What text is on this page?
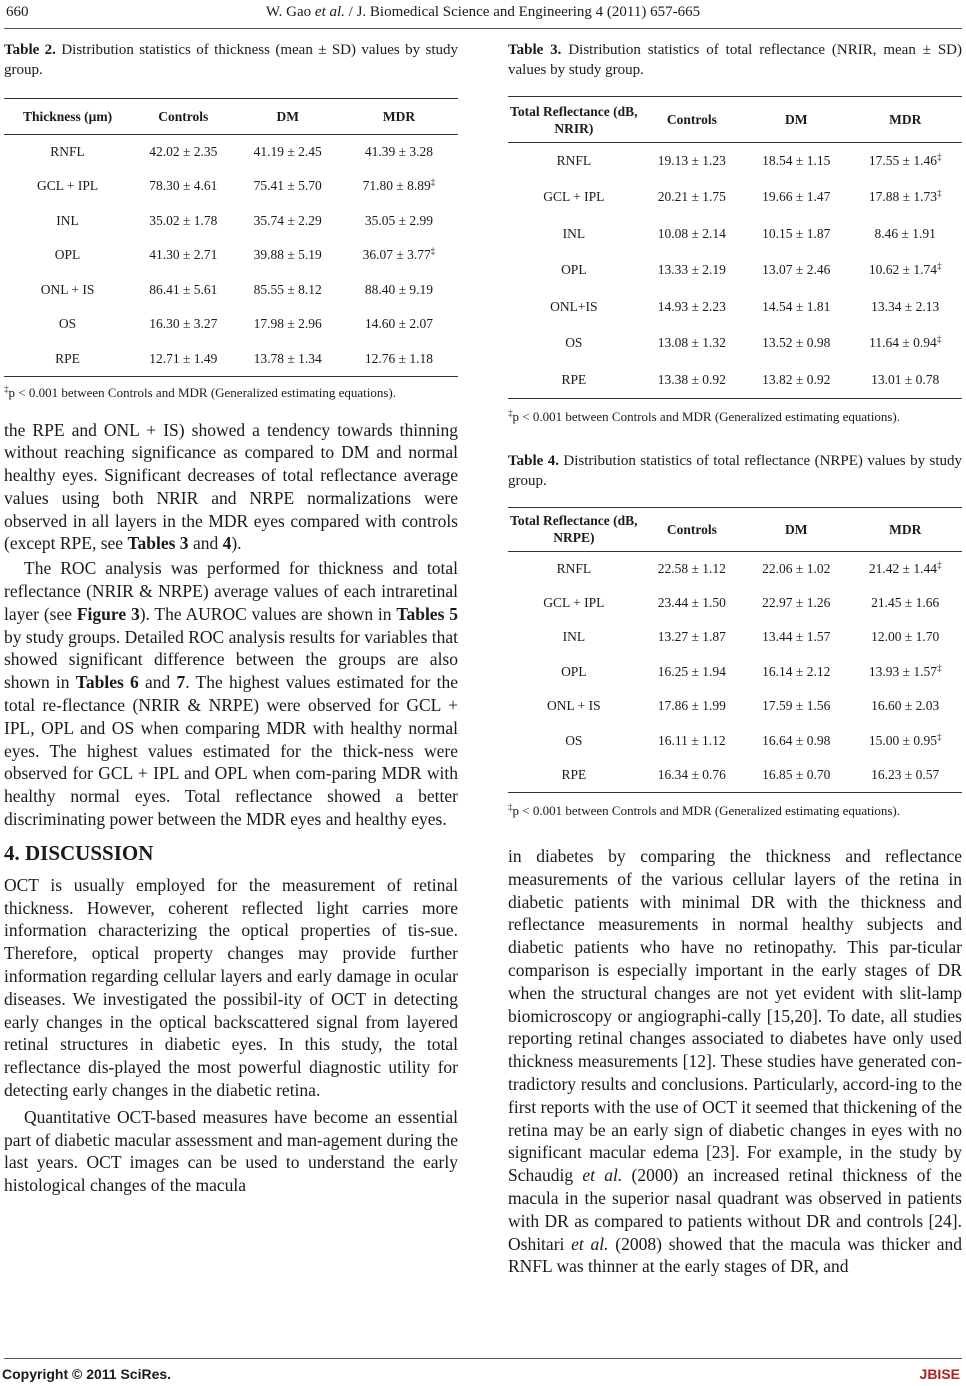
660	W. Gao et al. / J. Biomedical Science and Engineering 4 (2011) 657-665
Table 2. Distribution statistics of thickness (mean ± SD) values by study group.
Thickness (μm)	Controls	DM	MDR
RNFL	42.02 ± 2.35	41.19 ± 2.45	41.39 ± 3.28
GCL + IPL	78.30 ± 4.61	75.41 ± 5.70	71.80 ± 8.89‡
INL	35.02 ± 1.78	35.74 ± 2.29	35.05 ± 2.99
OPL	41.30 ± 2.71	39.88 ± 5.19	36.07 ± 3.77‡
ONL + IS	86.41 ± 5.61	85.55 ± 8.12	88.40 ± 9.19
OS	16.30 ± 3.27	17.98 ± 2.96	14.60 ± 2.07
RPE	12.71 ± 1.49	13.78 ± 1.34	12.76 ± 1.18
‡p < 0.001 between Controls and MDR (Generalized estimating equations).

the RPE and ONL + IS) showed a tendency towards thinning without reaching significance as compared to DM and normal healthy eyes. Significant decreases of total reflectance average values using both NRIR and NRPE normalizations were observed in all layers in the MDR eyes compared with controls (except RPE, see Tables 3 and 4).

The ROC analysis was performed for thickness and total reflectance (NRIR & NRPE) average values of each intraretinal layer (see Figure 3). The AUROC values are shown in Tables 5 by study groups. Detailed ROC analysis results for variables that showed significant difference between the groups are also shown in Tables 6 and 7. The highest values estimated for the total re-flectance (NRIR & NRPE) were observed for GCL + IPL, OPL and OS when comparing MDR with healthy normal eyes. The highest values estimated for the thick-ness were observed for GCL + IPL and OPL when com-paring MDR with healthy normal eyes. Total reflectance showed a better discriminating power between the MDR eyes and healthy eyes.

4. DISCUSSION

OCT is usually employed for the measurement of retinal thickness. However, coherent reflected light carries more information characterizing the optical properties of tis-sue. Therefore, optical property changes may provide further information regarding cellular layers and early damage in ocular diseases. We investigated the possibil-ity of OCT in detecting early changes in the optical backscattered signal from layered retinal structures in diabetic eyes. In this study, the total reflectance dis-played the most powerful diagnostic utility for detecting early changes in the diabetic retina.

Quantitative OCT-based measures have become an essential part of diabetic macular assessment and man-agement during the last years. OCT images can be used to understand the early histological changes of the macula

Table 3. Distribution statistics of total reflectance (NRIR, mean ± SD) values by study group.
Total Reflectance (dB, NRIR)	Controls	DM	MDR
RNFL	19.13 ± 1.23	18.54 ± 1.15	17.55 ± 1.46‡
GCL + IPL	20.21 ± 1.75	19.66 ± 1.47	17.88 ± 1.73‡
INL	10.08 ± 2.14	10.15 ± 1.87	8.46 ± 1.91
OPL	13.33 ± 2.19	13.07 ± 2.46	10.62 ± 1.74‡
ONL+IS	14.93 ± 2.23	14.54 ± 1.81	13.34 ± 2.13
OS	13.08 ± 1.32	13.52 ± 0.98	11.64 ± 0.94‡
RPE	13.38 ± 0.92	13.82 ± 0.92	13.01 ± 0.78
‡p < 0.001 between Controls and MDR (Generalized estimating equations).
Table 4. Distribution statistics of total reflectance (NRPE) values by study group.
Total Reflectance (dB, NRPE)	Controls	DM	MDR
RNFL	22.58 ± 1.12	22.06 ± 1.02	21.42 ± 1.44‡
GCL + IPL	23.44 ± 1.50	22.97 ± 1.26	21.45 ± 1.66
INL	13.27 ± 1.87	13.44 ± 1.57	12.00 ± 1.70
OPL	16.25 ± 1.94	16.14 ± 2.12	13.93 ± 1.57‡
ONL + IS	17.86 ± 1.99	17.59 ± 1.56	16.60 ± 2.03
OS	16.11 ± 1.12	16.64 ± 0.98	15.00 ± 0.95‡
RPE	16.34 ± 0.76	16.85 ± 0.70	16.23 ± 0.57
‡p < 0.001 between Controls and MDR (Generalized estimating equations).

in diabetes by comparing the thickness and reflectance measurements of the various cellular layers of the retina in diabetic patients with minimal DR with the thickness and reflectance measurements in normal healthy subjects and diabetic patients who have no retinopathy. This par-ticular comparison is especially important in the early stages of DR when the structural changes are not yet evident with slit-lamp biomicroscopy or angiographi-cally [15,20]. To date, all studies reporting retinal changes associated to diabetes have only used thickness measurements [12]. These studies have generated con-tradictory results and conclusions. Particularly, accord-ing to the first reports with the use of OCT it seemed that thickening of the retina may be an early sign of diabetic changes in eyes with no significant macular edema [23]. For example, in the study by Schaudig et al. (2000) an increased retinal thickness of the macula in the superior nasal quadrant was observed in patients with DR as compared to patients without DR and controls [24]. Oshitari et al. (2008) showed that the macula was thicker and RNFL was thinner at the early stages of DR, and

Copyright © 2011 SciRes.	JBISE
